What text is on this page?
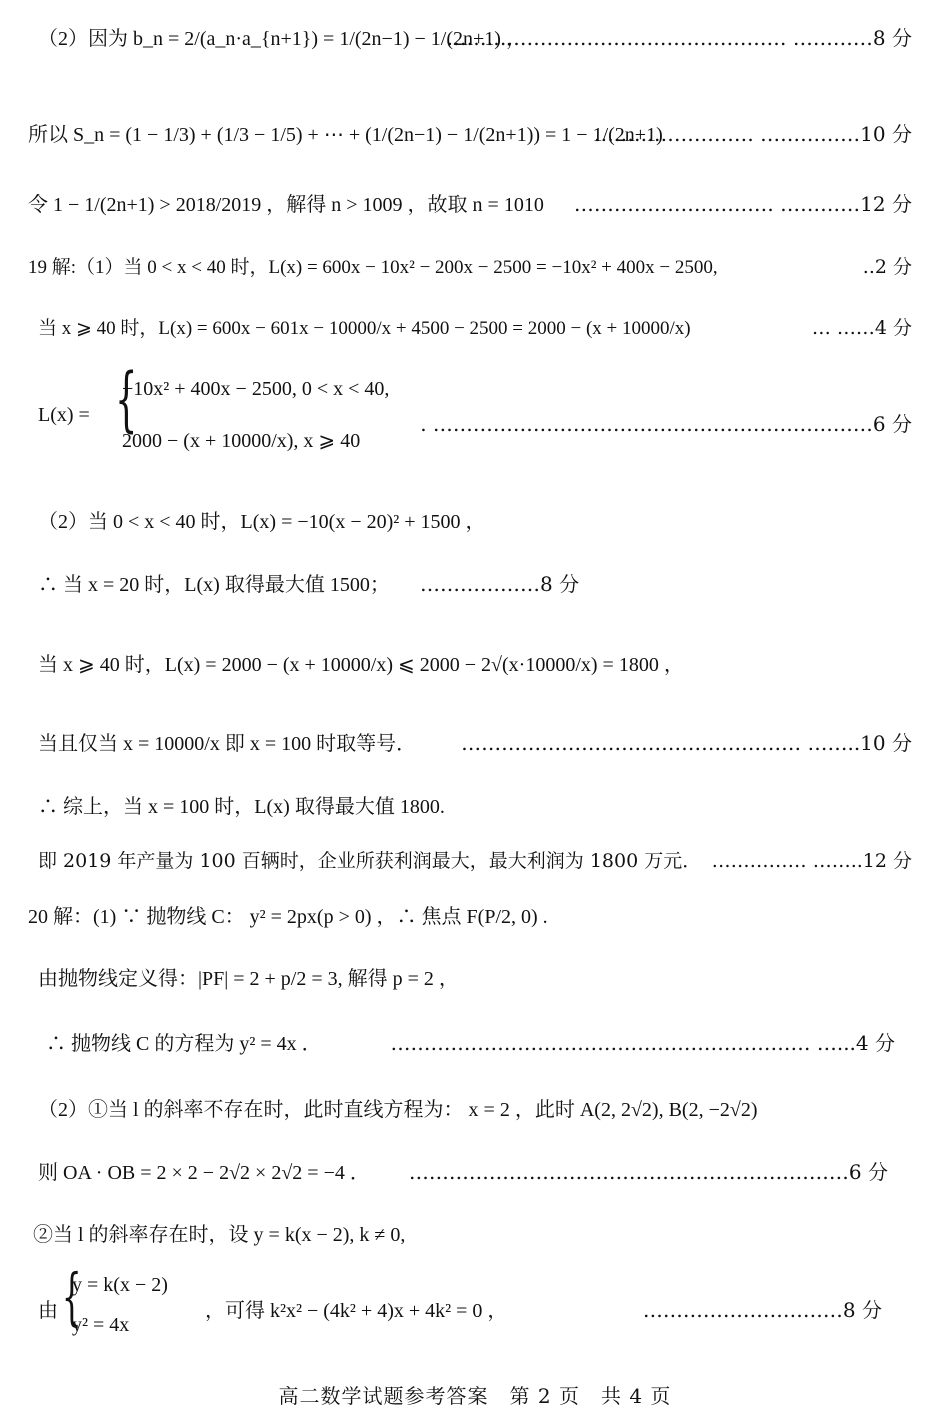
（2）因为 b_n = 2/(a_n·a_{n+1}) = 1/(2n−1) − 1/(2n+1) ，
…………………………………………… …………8 分
所以 S_n = (1 − 1/3) + (1/3 − 1/5) + ⋯ + (1/(2n−1) − 1/(2n+1)) = 1 − 1/(2n+1)
…………………… ……………10 分
令 1 − 1/(2n+1) > 2018/2019 ，解得 n > 1009 ，故取 n = 1010 ………………………… …………12 分
19 解:（1）当 0 < x < 40 时，L(x) = 600x − 10x² − 200x − 2500 = −10x² + 400x − 2500,	..2 分
当 x ⩾ 40 时，L(x) = 600x − 601x − 10000/x + 4500 − 2500 = 2000 − (x + 10000/x)	… ……4 分
L(x) = {
−10x² + 400x − 2500, 0 < x < 40,
2000 − (x + 10000/x), x ⩾ 40
. …………………………………………………………6 分
（2）当 0 < x < 40 时，L(x) = −10(x − 20)² + 1500 ，
∴ 当 x = 20 时，L(x) 取得最大值 1500； ………………8 分
当 x ⩾ 40 时，L(x) = 2000 − (x + 10000/x) ⩽ 2000 − 2√(x·10000/x) = 1800 ，
当且仅当 x = 10000/x 即 x = 100 时取等号． …………………………………………… ……..10 分
∴ 综上，当 x = 100 时，L(x) 取得最大值 1800.
即 2019 年产量为 100 百辆时，企业所获利润最大，最大利润为 1800 万元． …………… ……..12 分
20 解：(1) ∵ 抛物线 C： y² = 2px(p > 0) ，∴ 焦点 F(P/2, 0) .
由抛物线定义得：|PF| = 2 + p/2 = 3, 解得 p = 2 ，
∴ 抛物线 C 的方程为 y² = 4x ．	……………………………………………………… …...4 分
（2）①当 l 的斜率不存在时，此时直线方程为： x = 2 ，此时 A(2, 2√2), B(2, −2√2)
则 OA · OB = 2 × 2 − 2√2 × 2√2 = −4 ． …………………………………………………………6 分
②当 l 的斜率存在时，设 y = k(x − 2), k ≠ 0,
由 {
y = k(x − 2)
y² = 4x
，可得 k²x² − (4k² + 4)x + 4k² = 0 ，	…………………………8 分
高二数学试题参考答案　第 2 页　共 4 页
